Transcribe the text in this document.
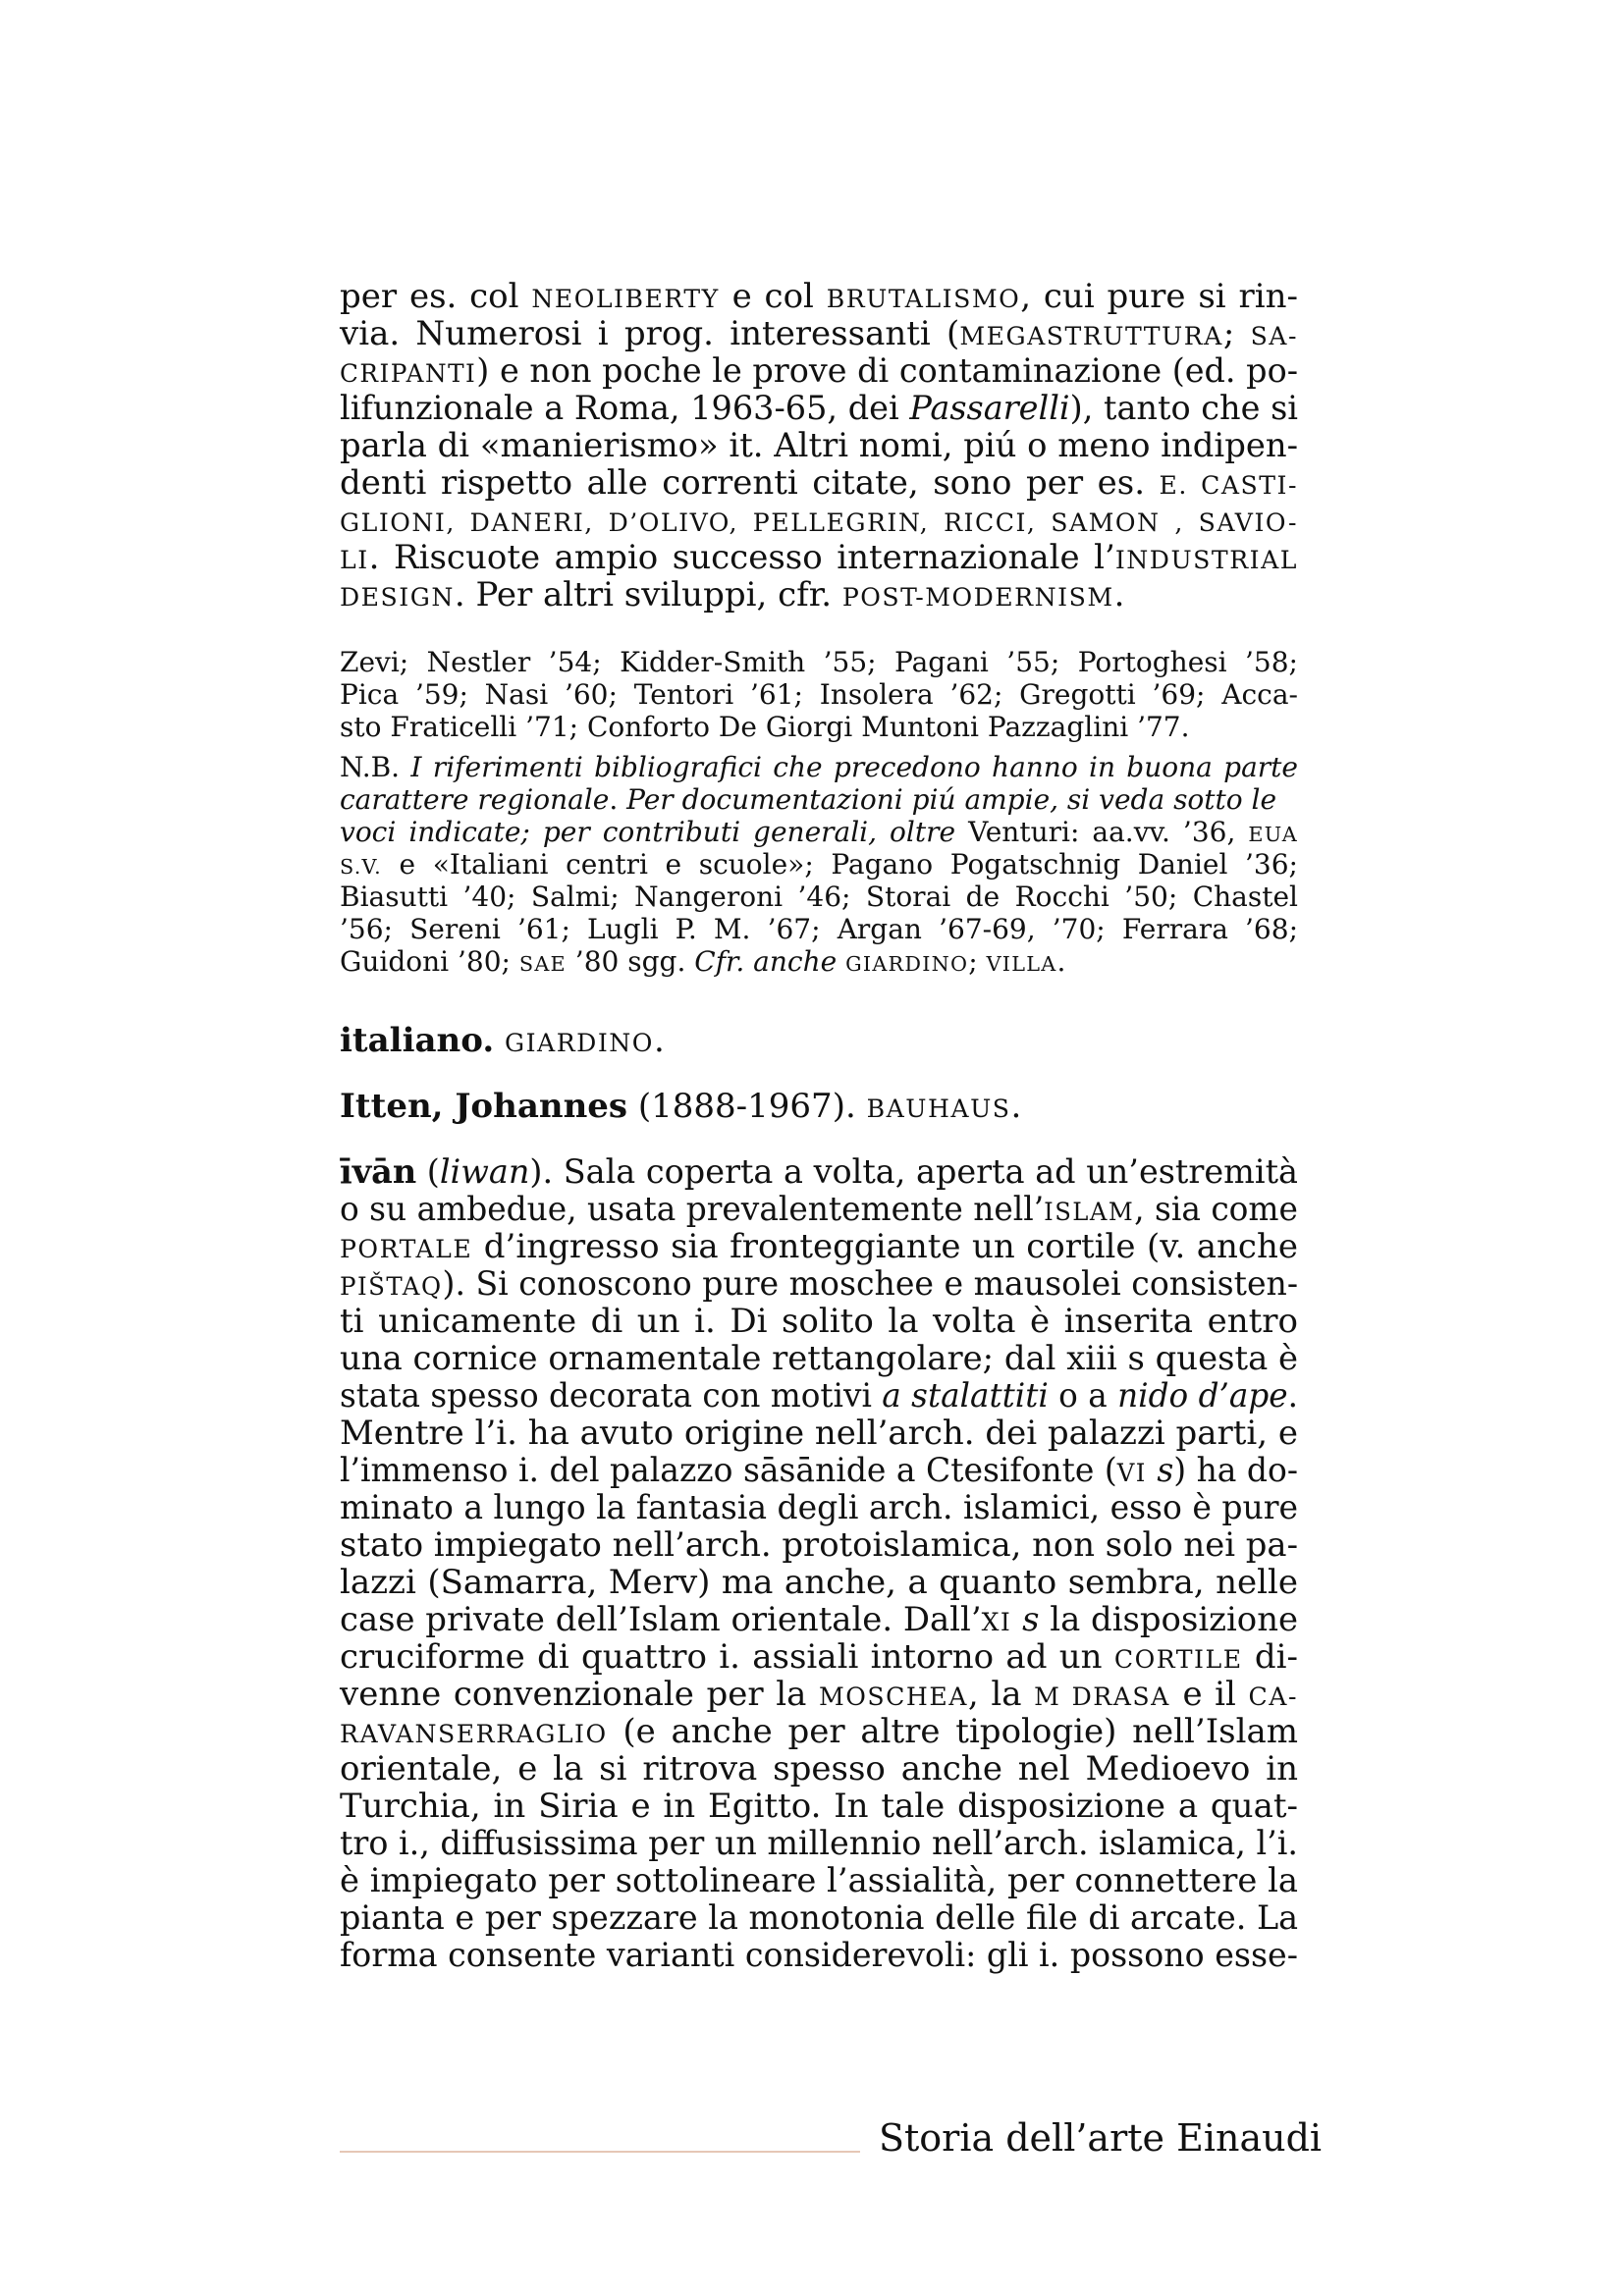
per es. col NEOLIBERTY e col BRUTALISMO, cui pure si rin-
via. Numerosi i prog. interessanti (MEGASTRUTTURA; SA-
CRIPANTI) e non poche le prove di contaminazione (ed. po-
lifunzionale a Roma, 1963-65, dei Passarelli), tanto che si
parla di «manierismo» it. Altri nomi, piú o meno indipen-
denti rispetto alle correnti citate, sono per es. E. CASTI-
GLIONI, DANERI, D’OLIVO, PELLEGRIN, RICCI, SAMON , SAVIO-
LI. Riscuote ampio successo internazionale l’INDUSTRIAL
DESIGN. Per altri sviluppi, cfr. POST-MODERNISM.
Zevi; Nestler ’54; Kidder-Smith ’55; Pagani ’55; Portoghesi ’58;
Pica ’59; Nasi ’60; Tentori ’61; Insolera ’62; Gregotti ’69; Acca-
sto Fraticelli ’71; Conforto De Giorgi Muntoni Pazzaglini ’77.
N.B. I riferimenti bibliografici che precedono hanno in buona parte
carattere regionale. Per documentazioni piú ampie, si veda sotto le
voci indicate; per contributi generali, oltre Venturi: aa.vv. ’36, EUA
S.V. e «Italiani centri e scuole»; Pagano Pogatschnig Daniel ’36;
Biasutti ’40; Salmi; Nangeroni ’46; Storai de Rocchi ’50; Chastel
’56; Sereni ’61; Lugli P. M. ’67; Argan ’67-69, ’70; Ferrara ’68;
Guidoni ’80; SAE ’80 sgg. Cfr. anche GIARDINO; VILLA.
italiano. GIARDINO.
Itten, Johannes (1888-1967). BAUHAUS.
īvān (liwan). Sala coperta a volta, aperta ad un’estremità
o su ambedue, usata prevalentemente nell’ISLAM, sia come
PORTALE d’ingresso sia fronteggiante un cortile (v. anche
PIŠTAQ). Si conoscono pure moschee e mausolei consisten-
ti unicamente di un i. Di solito la volta è inserita entro
una cornice ornamentale rettangolare; dal xiii s questa è
stata spesso decorata con motivi a stalattiti o a nido d’ape.
Mentre l’i. ha avuto origine nell’arch. dei palazzi parti, e
l’immenso i. del palazzo sāsānide a Ctesifonte (VI s) ha do-
minato a lungo la fantasia degli arch. islamici, esso è pure
stato impiegato nell’arch. protoislamica, non solo nei pa-
lazzi (Samarra, Merv) ma anche, a quanto sembra, nelle
case private dell’Islam orientale. Dall’XI s la disposizione
cruciforme di quattro i. assiali intorno ad un CORTILE di-
venne convenzionale per la MOSCHEA, la M DRASA e il CA-
RAVANSERRAGLIO (e anche per altre tipologie) nell’Islam
orientale, e la si ritrova spesso anche nel Medioevo in
Turchia, in Siria e in Egitto. In tale disposizione a quat-
tro i., diffusissima per un millennio nell’arch. islamica, l’i.
è impiegato per sottolineare l’assialità, per connettere la
pianta e per spezzare la monotonia delle file di arcate. La
forma consente varianti considerevoli: gli i. possono esse-
Storia dell’arte Einaudi
